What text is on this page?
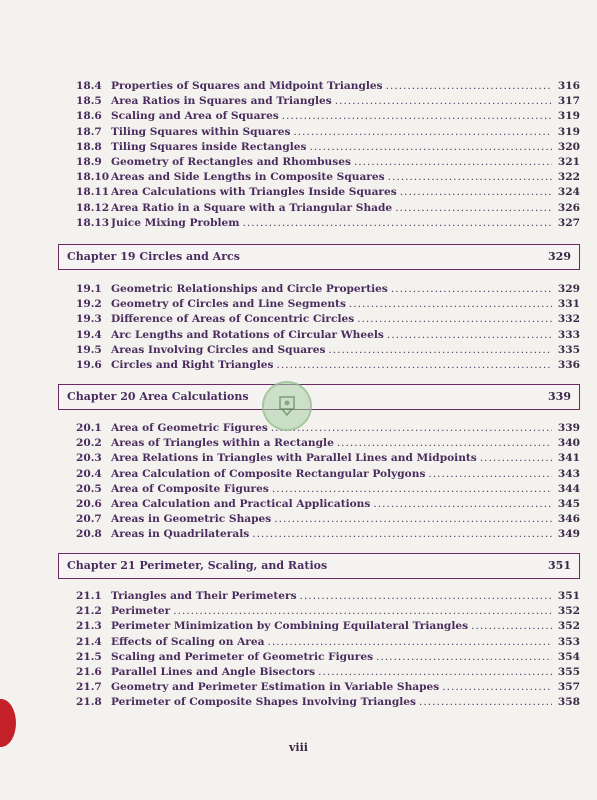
18.4 Properties of Squares and Midpoint Triangles .....	316
18.5 Area Ratios in Squares and Triangles .....	317
18.6 Scaling and Area of Squares .....	319
18.7 Tiling Squares within Squares .....	319
18.8 Tiling Squares inside Rectangles .....	320
18.9 Geometry of Rectangles and Rhombuses .....	321
18.10 Areas and Side Lengths in Composite Squares .....	322
18.11 Area Calculations with Triangles Inside Squares .....	324
18.12 Area Ratio in a Square with a Triangular Shade .....	326
18.13 Juice Mixing Problem .....	327
Chapter 19 Circles and Arcs	329
19.1 Geometric Relationships and Circle Properties .....	329
19.2 Geometry of Circles and Line Segments .....	331
19.3 Difference of Areas of Concentric Circles .....	332
19.4 Arc Lengths and Rotations of Circular Wheels .....	333
19.5 Areas Involving Circles and Squares .....	335
19.6 Circles and Right Triangles .....	336
Chapter 20 Area Calculations	339
20.1 Area of Geometric Figures .....	339
20.2 Areas of Triangles within a Rectangle .....	340
20.3 Area Relations in Triangles with Parallel Lines and Midpoints .....	341
20.4 Area Calculation of Composite Rectangular Polygons .....	343
20.5 Area of Composite Figures .....	344
20.6 Area Calculation and Practical Applications .....	345
20.7 Areas in Geometric Shapes .....	346
20.8 Areas in Quadrilaterals .....	349
Chapter 21 Perimeter, Scaling, and Ratios	351
21.1 Triangles and Their Perimeters .....	351
21.2 Perimeter .....	352
21.3 Perimeter Minimization by Combining Equilateral Triangles .....	352
21.4 Effects of Scaling on Area .....	353
21.5 Scaling and Perimeter of Geometric Figures .....	354
21.6 Parallel Lines and Angle Bisectors .....	355
21.7 Geometry and Perimeter Estimation in Variable Shapes .....	357
21.8 Perimeter of Composite Shapes Involving Triangles .....	358
viii
